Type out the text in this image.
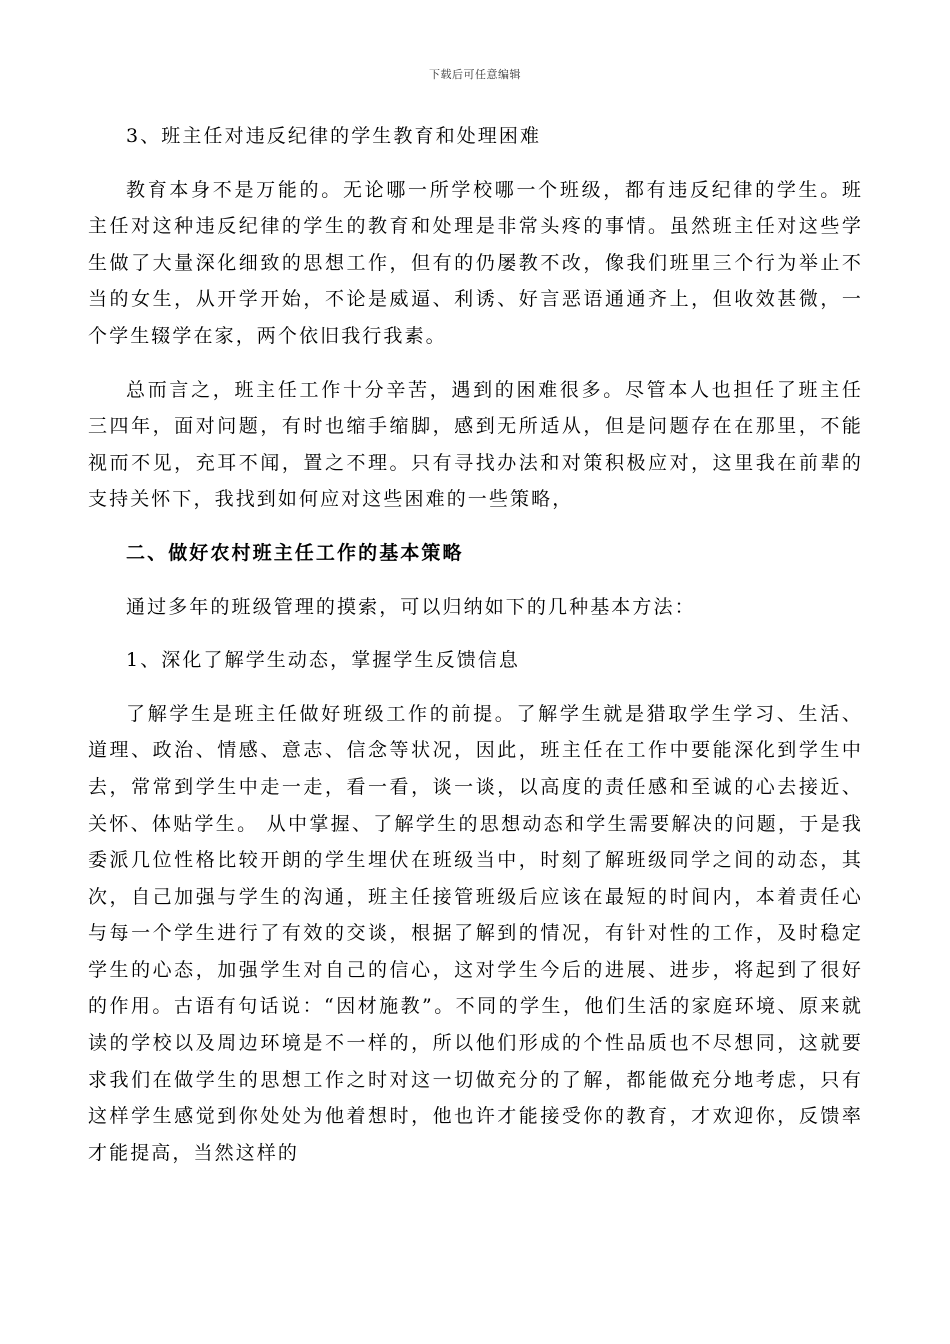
下载后可任意编辑

3、班主任对违反纪律的学生教育和处理困难

教育本身不是万能的。无论哪一所学校哪一个班级，都有违反纪律的学生。班主任对这种违反纪律的学生的教育和处理是非常头疼的事情。虽然班主任对这些学生做了大量深化细致的思想工作，但有的仍屡教不改，像我们班里三个行为举止不当的女生，从开学开始，不论是威逼、利诱、好言恶语通通齐上，但收效甚微，一个学生辍学在家，两个依旧我行我素。

总而言之，班主任工作十分辛苦，遇到的困难很多。尽管本人也担任了班主任三四年，面对问题，有时也缩手缩脚，感到无所适从，但是问题存在在那里，不能视而不见，充耳不闻，置之不理。只有寻找办法和对策积极应对，这里我在前辈的支持关怀下，我找到如何应对这些困难的一些策略，

二、做好农村班主任工作的基本策略

通过多年的班级管理的摸索，可以归纳如下的几种基本方法：

1、深化了解学生动态，掌握学生反馈信息

了解学生是班主任做好班级工作的前提。了解学生就是猎取学生学习、生活、道理、政治、情感、意志、信念等状况，因此，班主任在工作中要能深化到学生中去，常常到学生中走一走，看一看，谈一谈，以高度的责任感和至诚的心去接近、关怀、体贴学生。 从中掌握、了解学生的思想动态和学生需要解决的问题，于是我委派几位性格比较开朗的学生埋伏在班级当中，时刻了解班级同学之间的动态，其次，自己加强与学生的沟通，班主任接管班级后应该在最短的时间内，本着责任心与每一个学生进行了有效的交谈，根据了解到的情况，有针对性的工作，及时稳定学生的心态，加强学生对自己的信心，这对学生今后的进展、进步，将起到了很好的作用。古语有句话说：“因材施教”。不同的学生，他们生活的家庭环境、原来就读的学校以及周边环境是不一样的，所以他们形成的个性品质也不尽想同，这就要求我们在做学生的思想工作之时对这一切做充分的了解，都能做充分地考虑，只有这样学生感觉到你处处为他着想时，他也许才能接受你的教育，才欢迎你，反馈率才能提高，当然这样的
